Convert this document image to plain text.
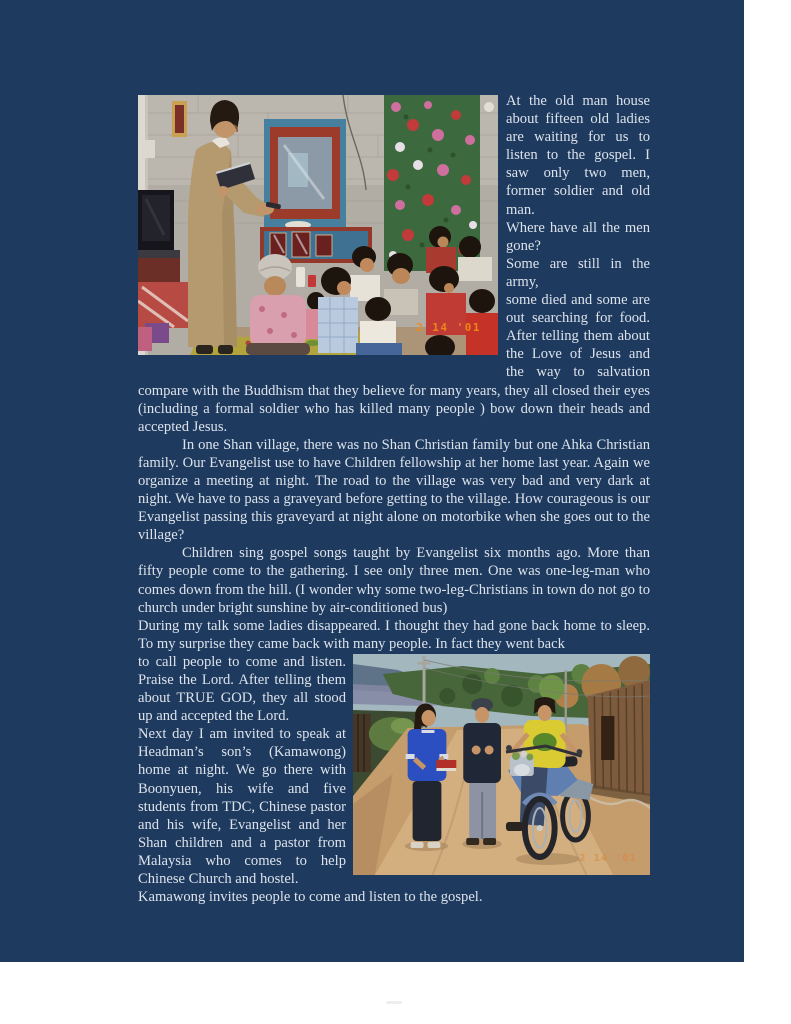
2 14 '01

At the old man house about fifteen old ladies are waiting for us to listen to the gospel. I saw only two men, former soldier and old man.

Where have all the men gone?

Some are still in the army,

some died and some are out searching for food. After telling them about the Love of Jesus and the way to salvation compare with the Buddhism that they believe for many years, they all closed their eyes (including a formal soldier who has killed many people ) bow down their heads and accepted Jesus.

In one Shan village, there was no Shan Christian family but one Ahka Christian family. Our Evangelist use to have Children fellowship at her home last year. Again we organize a meeting at night. The road to the village was very bad and very dark at night. We have to pass a graveyard before getting to the village. How courageous is our Evangelist passing this graveyard at night alone on motorbike when she goes out to the village?

Children sing gospel songs taught by Evangelist six months ago. More than fifty people come to the gathering. I see only three men. One was one-leg-man who comes down from the hill. (I wonder why some two-leg-Christians in town do not go to church under bright sunshine by air-conditioned bus)

During my talk some ladies disappeared. I thought they had gone back home to sleep. To my surprise they came back with many people. In fact they went back

2 14 '01

to call people to come and listen. Praise the Lord. After telling them about TRUE GOD, they all stood up and accepted the Lord.

Next day I am invited to speak at Headman’s son’s (Kamawong) home at night. We go there with Boonyuen, his wife and five students from TDC, Chinese pastor and his wife, Evangelist and her Shan children and a pastor from Malaysia who comes to help Chinese Church and hostel.

Kamawong invites people to come and listen to the gospel.
